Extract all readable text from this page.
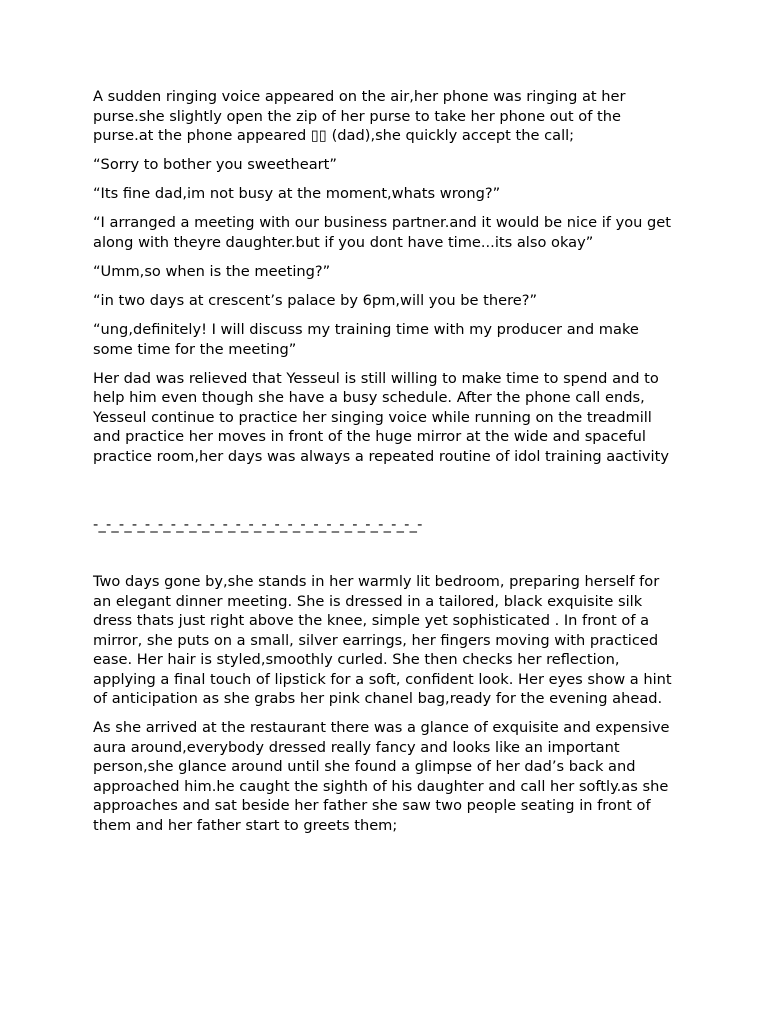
A sudden ringing voice appeared on the air,her phone was ringing at her purse.she slightly open the zip of her purse to take her phone out of the purse.at the phone appeared ▯▯ (dad),she quickly accept the call;

“Sorry to bother you sweetheart”

“Its fine dad,im not busy at the moment,whats wrong?”

“I arranged a meeting with our business partner.and it would be nice if you get along with theyre daughter.but if you dont have time...its also okay”

“Umm,so when is the meeting?”

“in two days at crescent’s palace by 6pm,will you be there?”

“ung,definitely! I will discuss my training time with my producer and make some time for the meeting”

Her dad was relieved that Yesseul is still willing to make time to spend and to help him even though she have a busy schedule. After the phone call ends, Yesseul continue to practice her singing voice while running on the treadmill and practice her moves in front of the huge mirror at the wide and spaceful practice room,her days was always a repeated routine of idol training aactivity

-_-_-_-_-_-_-_-_-_-_-_-_-_-_-_-_-_-_-_-_-_-_-_-_-_-

Two days gone by,she stands in her warmly lit bedroom, preparing herself for an elegant dinner meeting. She is dressed in a tailored, black exquisite silk dress thats just right above the knee, simple yet sophisticated . In front of a mirror, she puts on a small, silver earrings, her fingers moving with practiced ease. Her hair is styled,smoothly curled. She then checks her reflection, applying a final touch of lipstick for a soft, confident look. Her eyes show a hint of anticipation as she grabs her pink chanel bag,ready for the evening ahead.

As she arrived at the restaurant there was a glance of exquisite and expensive aura around,everybody dressed really fancy and looks like an important person,she glance around until she found a glimpse of her dad’s back and approached him.he caught the sighth of his daughter and call her softly.as she approaches and sat beside her father she saw two people seating in front of them and her father start to greets them;
